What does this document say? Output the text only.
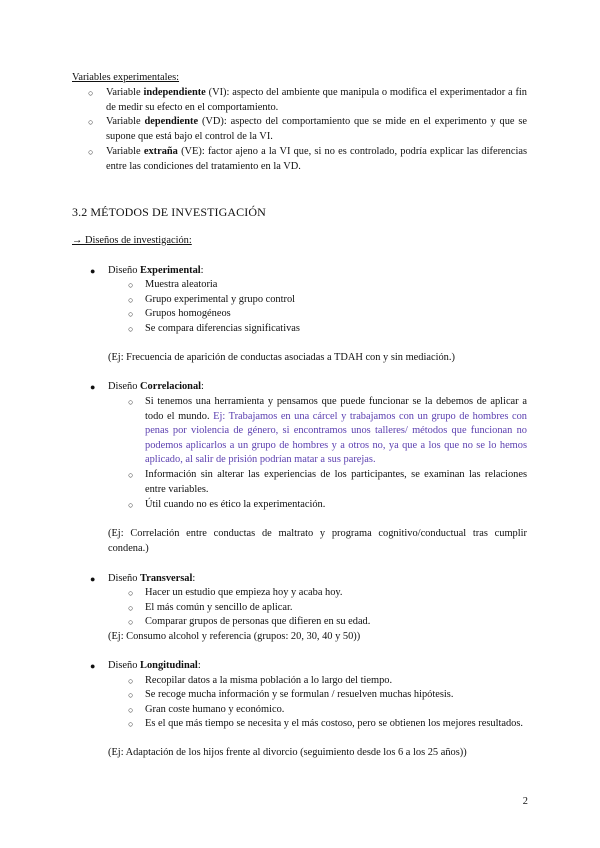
Variables experimentales:
○ Variable independiente (VI): aspecto del ambiente que manipula o modifica el experimentador a fin de medir su efecto en el comportamiento.
○ Variable dependiente (VD): aspecto del comportamiento que se mide en el experimento y que se supone que está bajo el control de la VI.
○ Variable extraña (VE): factor ajeno a la VI que, si no es controlado, podría explicar las diferencias entre las condiciones del tratamiento en la VD.
3.2 MÉTODOS DE INVESTIGACIÓN
→ Diseños de investigación:
● Diseño Experimental:
○ Muestra aleatoria
○ Grupo experimental y grupo control
○ Grupos homogéneos
○ Se compara diferencias significativas
(Ej: Frecuencia de aparición de conductas asociadas a TDAH con y sin mediación.)
● Diseño Correlacional:
○ Si tenemos una herramienta y pensamos que puede funcionar se la debemos de aplicar a todo el mundo. Ej: Trabajamos en una cárcel y trabajamos con un grupo de hombres con penas por violencia de género, si encontramos unos talleres/ métodos que funcionan no podemos aplicarlos a un grupo de hombres y a otros no, ya que a los que no se lo hemos aplicado, al salir de prisión podrían matar a sus parejas.
○ Información sin alterar las experiencias de los participantes, se examinan las relaciones entre variables.
○ Útil cuando no es ético la experimentación.
(Ej: Correlación entre conductas de maltrato y programa cognitivo/conductual tras cumplir condena.)
● Diseño Transversal:
○ Hacer un estudio que empieza hoy y acaba hoy.
○ El más común y sencillo de aplicar.
○ Comparar grupos de personas que difieren en su edad.
(Ej: Consumo alcohol y referencia (grupos: 20, 30, 40 y 50))
● Diseño Longitudinal:
○ Recopilar datos a la misma población a lo largo del tiempo.
○ Se recoge mucha información y se formulan / resuelven muchas hipótesis.
○ Gran coste humano y económico.
○ Es el que más tiempo se necesita y el más costoso, pero se obtienen los mejores resultados.
(Ej: Adaptación de los hijos frente al divorcio (seguimiento desde los 6 a los 25 años))
2
